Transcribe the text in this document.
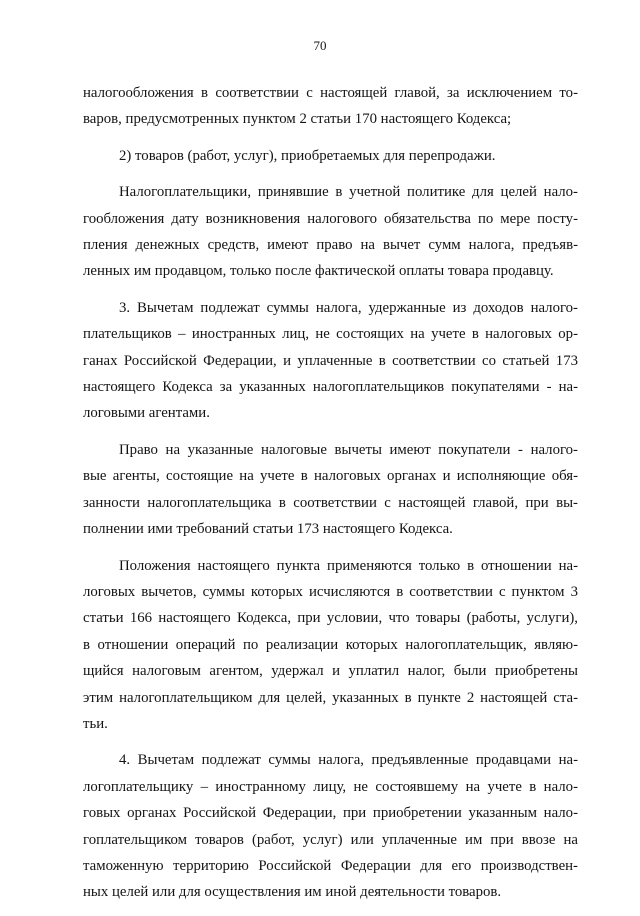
70

налогообложения в соответствии с настоящей главой, за исключением то-
варов, предусмотренных пунктом 2 статьи 170 настоящего Кодекса;

2) товаров (работ, услуг), приобретаемых для перепродажи.

Налогоплательщики, принявшие в учетной политике для целей нало-
гообложения дату возникновения налогового обязательства по мере посту-
пления денежных средств, имеют право на вычет сумм налога, предъяв-
ленных им продавцом, только после фактической оплаты товара продавцу.

3. Вычетам подлежат суммы налога, удержанные из доходов налого-
плательщиков – иностранных лиц, не состоящих на учете в налоговых ор-
ганах Российской Федерации, и уплаченные в соответствии со статьей 173
настоящего Кодекса за указанных налогоплательщиков покупателями - на-
логовыми агентами.

Право на указанные налоговые вычеты имеют покупатели - налого-
вые агенты, состоящие на учете в налоговых органах и исполняющие обя-
занности налогоплательщика в соответствии с настоящей главой, при вы-
полнении ими требований статьи 173 настоящего Кодекса.

Положения настоящего пункта применяются только в отношении на-
логовых вычетов, суммы которых исчисляются в соответствии с пунктом 3
статьи 166 настоящего Кодекса, при условии, что товары (работы, услуги),
в отношении операций по реализации которых налогоплательщик, являю-
щийся налоговым агентом, удержал и уплатил налог, были приобретены
этим налогоплательщиком для целей, указанных в пункте 2 настоящей ста-
тьи.

4. Вычетам подлежат суммы налога, предъявленные продавцами на-
логоплательщику – иностранному лицу, не состоявшему на учете в нало-
говых органах Российской Федерации, при приобретении указанным нало-
гоплательщиком товаров (работ, услуг) или уплаченные им при ввозе на
таможенную территорию Российской Федерации для его производствен-
ных целей или для осуществления им иной деятельности товаров.
